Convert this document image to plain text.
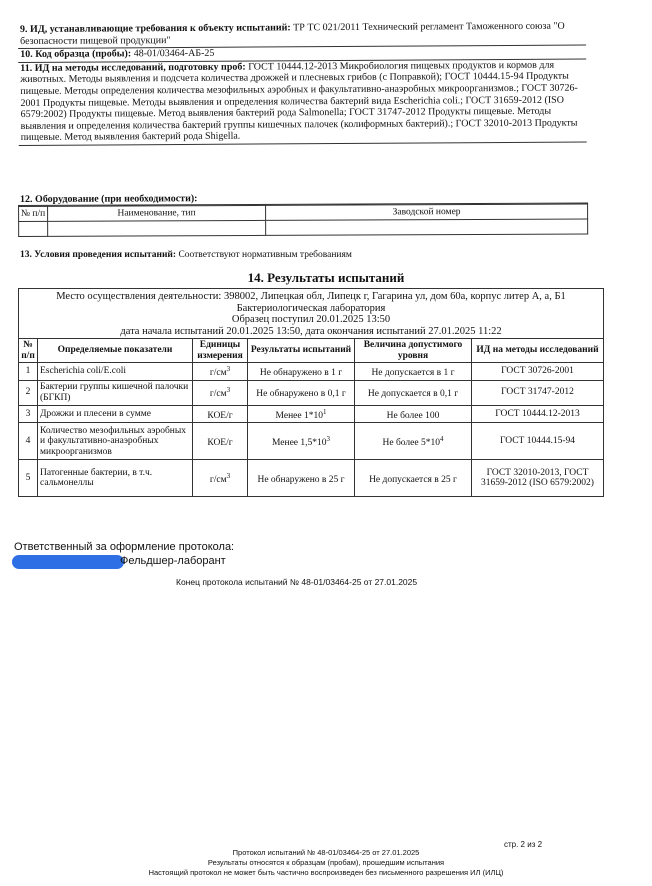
9. ИД, устанавливающие требования к объекту испытаний: ТР ТС 021/2011 Технический регламент Таможенного союза "О безопасности пищевой продукции"
10. Код образца (пробы): 48-01/03464-АБ-25
11. ИД на методы исследований, подготовку проб: ГОСТ 10444.12-2013 Микробиология пищевых продуктов и кормов для животных. Методы выявления и подсчета количества дрожжей и плесневых грибов (с Поправкой); ГОСТ 10444.15-94 Продукты пищевые. Методы определения количества мезофильных аэробных и факультативно-анаэробных микроорганизмов.; ГОСТ 30726-2001 Продукты пищевые. Методы выявления и определения количества бактерий вида Escherichia coli.; ГОСТ 31659-2012 (ISO 6579:2002) Продукты пищевые. Метод выявления бактерий рода Salmonella; ГОСТ 31747-2012 Продукты пищевые. Методы выявления и определения количества бактерий группы кишечных палочек (колиформных бактерий).; ГОСТ 32010-2013 Продукты пищевые. Метод выявления бактерий рода Shigella.
12. Оборудование (при необходимости):
№ п/п	Наименование, тип	Заводской номер

13. Условия проведения испытаний: Соответствуют нормативным требованиям
14. Результаты испытаний
Место осуществления деятельности: 398002, Липецкая обл, Липецк г, Гагарина ул, дом 60а, корпус литер А, а, Б1
Бактериологическая лаборатория
Образец поступил 20.01.2025 13:50
дата начала испытаний 20.01.2025 13:50, дата окончания испытаний 27.01.2025 11:22
№ п/п	Определяемые показатели	Единицы измерения	Результаты испытаний	Величина допустимого уровня	ИД на методы исследований
1	Escherichia coli/E.coli	$г/см^3$	Не обнаружено в 1 г	Не допускается в 1 г	ГОСТ 30726-2001
2	Бактерии группы кишечной палочки (БГКП)	$г/см^3$	Не обнаружено в 0,1 г	Не допускается в 0,1 г	ГОСТ 31747-2012
3	Дрожжи и плесени в сумме	КОЕ/г	Менее $1*10^1$	Не более 100	ГОСТ 10444.12-2013
4	Количество мезофильных аэробных и факультативно-анаэробных микроорганизмов	КОЕ/г	Менее $1,5*10^3$	Не более $5*10^4$	ГОСТ 10444.15-94
5	Патогенные бактерии, в т.ч. сальмонеллы	$г/см^3$	Не обнаружено в 25 г	Не допускается в 25 г	ГОСТ 32010-2013, ГОСТ 31659-2012 (ISO 6579:2002)
Ответственный за оформление протокола:
Фельдшер-лаборант
Конец протокола испытаний № 48-01/03464-25 от 27.01.2025
стр. 2 из 2
Протокол испытаний № 48-01/03464-25 от 27.01.2025
Результаты относятся к образцам (пробам), прошедшим испытания
Настоящий протокол не может быть частично воспроизведен без письменного разрешения ИЛ (ИЛЦ)
